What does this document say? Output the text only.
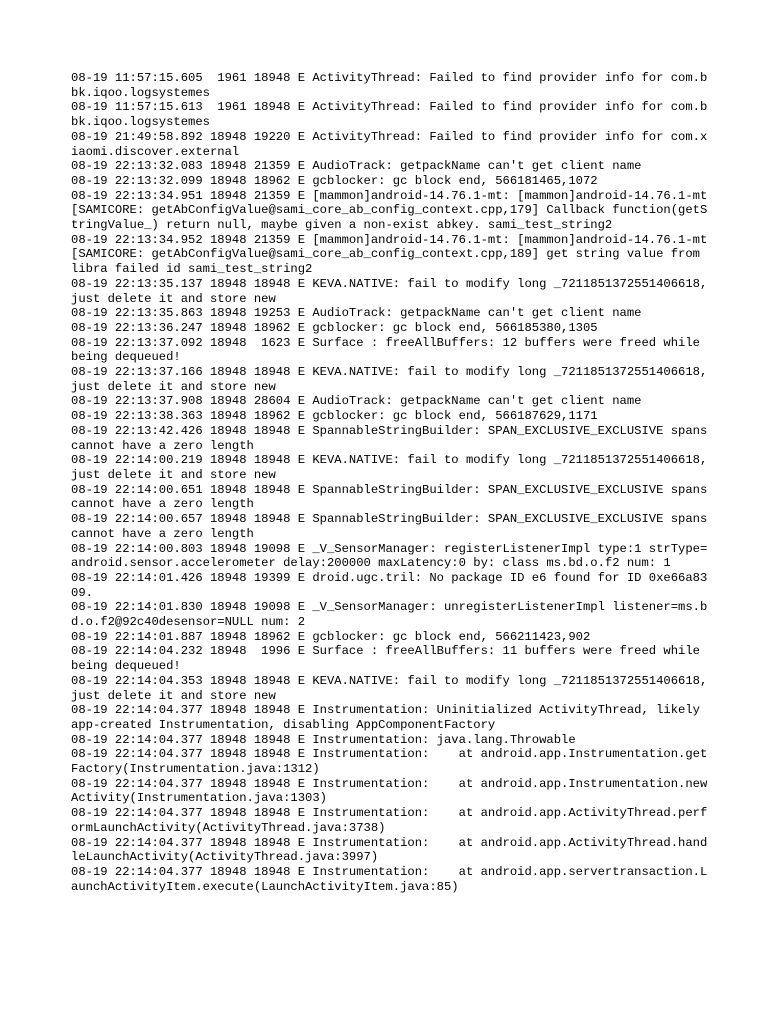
08-19 11:57:15.605  1961 18948 E ActivityThread: Failed to find provider info for com.bbk.iqoo.logsystemes
08-19 11:57:15.613  1961 18948 E ActivityThread: Failed to find provider info for com.bbk.iqoo.logsystemes
08-19 21:49:58.892 18948 19220 E ActivityThread: Failed to find provider info for com.xiaomi.discover.external
08-19 22:13:32.083 18948 21359 E AudioTrack: getpackName can't get client name
08-19 22:13:32.099 18948 18962 E gcblocker: gc block end, 566181465,1072
08-19 22:13:34.951 18948 21359 E [mammon]android-14.76.1-mt: [mammon]android-14.76.1-mt[SAMICORE: getAbConfigValue@sami_core_ab_config_context.cpp,179] Callback function(getStringValue_) return null, maybe given a non-exist abkey. sami_test_string2
08-19 22:13:34.952 18948 21359 E [mammon]android-14.76.1-mt: [mammon]android-14.76.1-mt[SAMICORE: getAbConfigValue@sami_core_ab_config_context.cpp,189] get string value from libra failed id sami_test_string2
08-19 22:13:35.137 18948 18948 E KEVA.NATIVE: fail to modify long _7211851372551406618, just delete it and store new
08-19 22:13:35.863 18948 19253 E AudioTrack: getpackName can't get client name
08-19 22:13:36.247 18948 18962 E gcblocker: gc block end, 566185380,1305
08-19 22:13:37.092 18948  1623 E Surface : freeAllBuffers: 12 buffers were freed while being dequeued!
08-19 22:13:37.166 18948 18948 E KEVA.NATIVE: fail to modify long _7211851372551406618, just delete it and store new
08-19 22:13:37.908 18948 28604 E AudioTrack: getpackName can't get client name
08-19 22:13:38.363 18948 18962 E gcblocker: gc block end, 566187629,1171
08-19 22:13:42.426 18948 18948 E SpannableStringBuilder: SPAN_EXCLUSIVE_EXCLUSIVE spans cannot have a zero length
08-19 22:14:00.219 18948 18948 E KEVA.NATIVE: fail to modify long _7211851372551406618, just delete it and store new
08-19 22:14:00.651 18948 18948 E SpannableStringBuilder: SPAN_EXCLUSIVE_EXCLUSIVE spans cannot have a zero length
08-19 22:14:00.657 18948 18948 E SpannableStringBuilder: SPAN_EXCLUSIVE_EXCLUSIVE spans cannot have a zero length
08-19 22:14:00.803 18948 19098 E _V_SensorManager: registerListenerImpl type:1 strType=android.sensor.accelerometer delay:200000 maxLatency:0 by: class ms.bd.o.f2 num: 1
08-19 22:14:01.426 18948 19399 E droid.ugc.tril: No package ID e6 found for ID 0xe66a8309.
08-19 22:14:01.830 18948 19098 E _V_SensorManager: unregisterListenerImpl listener=ms.bd.o.f2@92c40desensor=NULL num: 2
08-19 22:14:01.887 18948 18962 E gcblocker: gc block end, 566211423,902
08-19 22:14:04.232 18948  1996 E Surface : freeAllBuffers: 11 buffers were freed while being dequeued!
08-19 22:14:04.353 18948 18948 E KEVA.NATIVE: fail to modify long _7211851372551406618, just delete it and store new
08-19 22:14:04.377 18948 18948 E Instrumentation: Uninitialized ActivityThread, likely app-created Instrumentation, disabling AppComponentFactory
08-19 22:14:04.377 18948 18948 E Instrumentation: java.lang.Throwable
08-19 22:14:04.377 18948 18948 E Instrumentation:    at android.app.Instrumentation.getFactory(Instrumentation.java:1312)
08-19 22:14:04.377 18948 18948 E Instrumentation:    at android.app.Instrumentation.newActivity(Instrumentation.java:1303)
08-19 22:14:04.377 18948 18948 E Instrumentation:    at android.app.ActivityThread.performLaunchActivity(ActivityThread.java:3738)
08-19 22:14:04.377 18948 18948 E Instrumentation:    at android.app.ActivityThread.handleLaunchActivity(ActivityThread.java:3997)
08-19 22:14:04.377 18948 18948 E Instrumentation:    at android.app.servertransaction.LaunchActivityItem.execute(LaunchActivityItem.java:85)
